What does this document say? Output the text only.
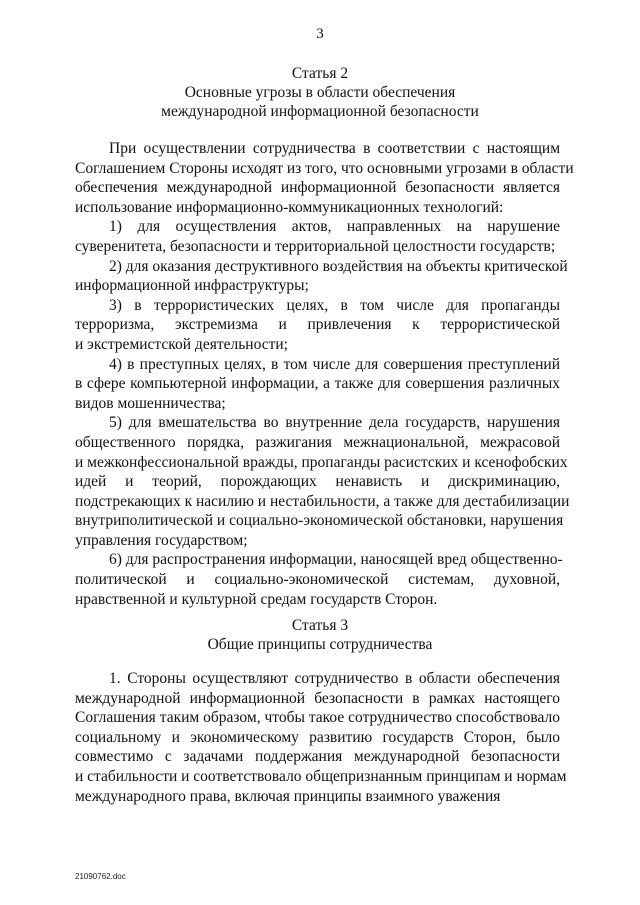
3
Статья 2
Основные угрозы в области обеспечения
международной информационной безопасности
При осуществлении сотрудничества в соответствии с настоящим
Соглашением Стороны исходят из того, что основными угрозами в области
обеспечения международной информационной безопасности является
использование информационно-коммуникационных технологий:
1) для осуществления актов, направленных на нарушение
суверенитета, безопасности и территориальной целостности государств;
2) для оказания деструктивного воздействия на объекты критической
информационной инфраструктуры;
3) в террористических целях, в том числе для пропаганды
терроризма, экстремизма и привлечения к террористической
и экстремистской деятельности;
4) в преступных целях, в том числе для совершения преступлений
в сфере компьютерной информации, а также для совершения различных
видов мошенничества;
5) для вмешательства во внутренние дела государств, нарушения
общественного порядка, разжигания межнациональной, межрасовой
и межконфессиональной вражды, пропаганды расистских и ксенофобских
идей и теорий, порождающих ненависть и дискриминацию,
подстрекающих к насилию и нестабильности, а также для дестабилизации
внутриполитической и социально-экономической обстановки, нарушения
управления государством;
6) для распространения информации, наносящей вред общественно-
политической и социально-экономической системам, духовной,
нравственной и культурной средам государств Сторон.
Статья 3
Общие принципы сотрудничества
1. Стороны осуществляют сотрудничество в области обеспечения
международной информационной безопасности в рамках настоящего
Соглашения таким образом, чтобы такое сотрудничество способствовало
социальному и экономическому развитию государств Сторон, было
совместимо с задачами поддержания международной безопасности
и стабильности и соответствовало общепризнанным принципам и нормам
международного права, включая принципы взаимного уважения
21090762.doc
